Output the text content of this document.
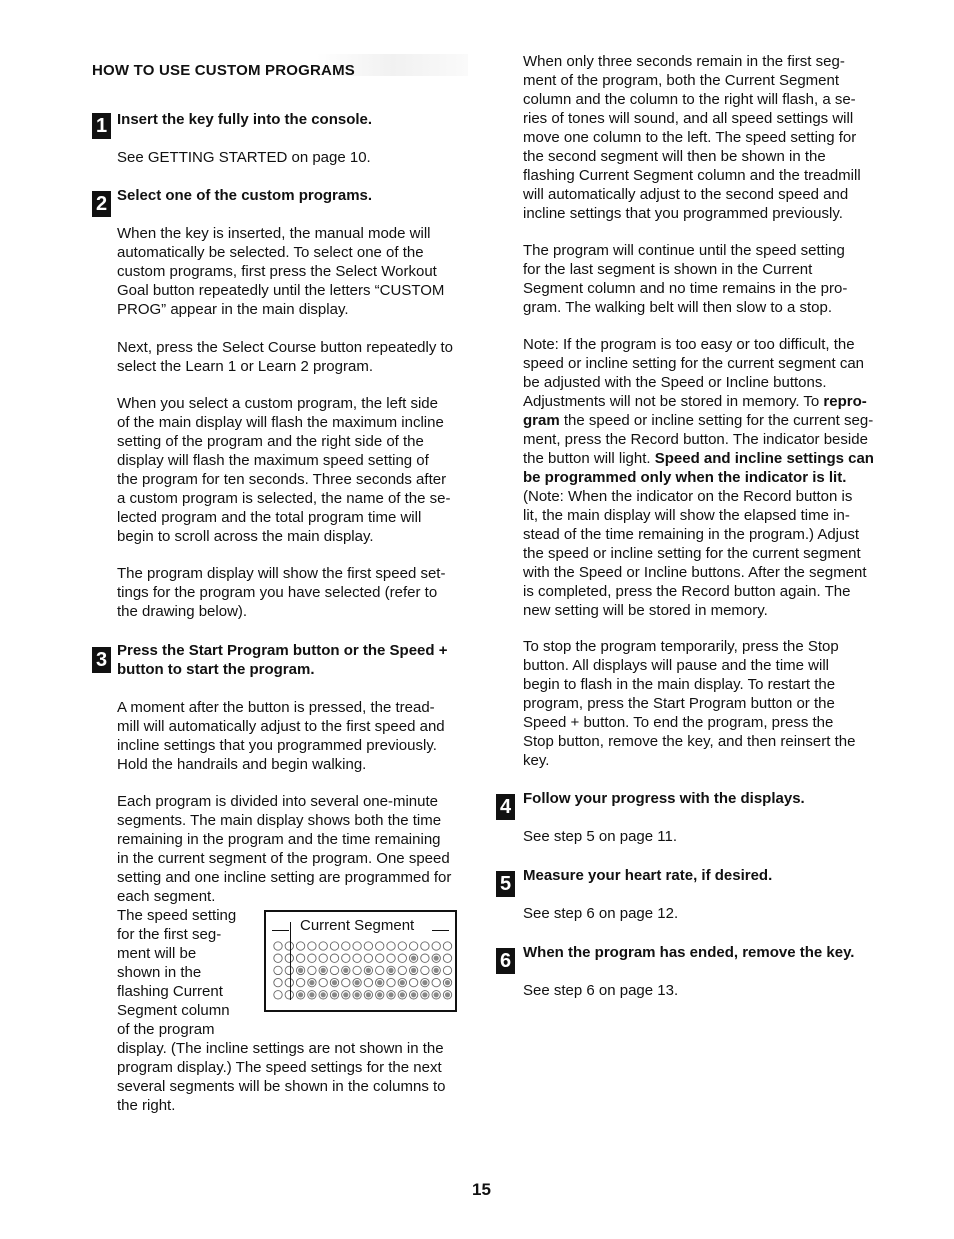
HOW TO USE CUSTOM PROGRAMS
1 Insert the key fully into the console.

See GETTING STARTED on page 10.

2 Select one of the custom programs.
When the key is inserted, the manual mode will
automatically be selected. To select one of the
custom programs, first press the Select Workout
Goal button repeatedly until the letters “CUSTOM
PROG” appear in the main display.
Next, press the Select Course button repeatedly to
select the Learn 1 or Learn 2 program.
When you select a custom program, the left side
of the main display will flash the maximum incline
setting of the program and the right side of the
display will flash the maximum speed setting of
the program for ten seconds. Three seconds after
a custom program is selected, the name of the se-
lected program and the total program time will
begin to scroll across the main display.
The program display will show the first speed set-
tings for the program you have selected (refer to
the drawing below).
3 Press the Start Program button or the Speed +
button to start the program.
A moment after the button is pressed, the tread-
mill will automatically adjust to the first speed and
incline settings that you programmed previously.
Hold the handrails and begin walking.
Each program is divided into several one-minute
segments. The main display shows both the time
remaining in the program and the time remaining
in the current segment of the program. One speed
setting and one incline setting are programmed for
each segment.
The speed setting
for the first seg-
ment will be
shown in the
flashing Current
Segment column
of the program
display. (The incline settings are not shown in the
program display.) The speed settings for the next
several segments will be shown in the columns to
the right.
Current Segment
When only three seconds remain in the first seg-
ment of the program, both the Current Segment
column and the column to the right will flash, a se-
ries of tones will sound, and all speed settings will
move one column to the left. The speed setting for
the second segment will then be shown in the
flashing Current Segment column and the treadmill
will automatically adjust to the second speed and
incline settings that you programmed previously.
The program will continue until the speed setting
for the last segment is shown in the Current
Segment column and no time remains in the pro-
gram. The walking belt will then slow to a stop.
Note: If the program is too easy or too difficult, the
speed or incline setting for the current segment can
be adjusted with the Speed or Incline buttons.
Adjustments will not be stored in memory. To repro-
gram the speed or incline setting for the current seg-
ment, press the Record button. The indicator beside
the button will light. Speed and incline settings can
be programmed only when the indicator is lit.
(Note: When the indicator on the Record button is
lit, the main display will show the elapsed time in-
stead of the time remaining in the program.) Adjust
the speed or incline setting for the current segment
with the Speed or Incline buttons. After the segment
is completed, press the Record button again. The
new setting will be stored in memory.
To stop the program temporarily, press the Stop
button. All displays will pause and the time will
begin to flash in the main display. To restart the
program, press the Start Program button or the
Speed + button. To end the program, press the
Stop button, remove the key, and then reinsert the
key.
4 Follow your progress with the displays.

See step 5 on page 11.

5 Measure your heart rate, if desired.

See step 6 on page 12.

6 When the program has ended, remove the key.

See step 6 on page 13.

15
